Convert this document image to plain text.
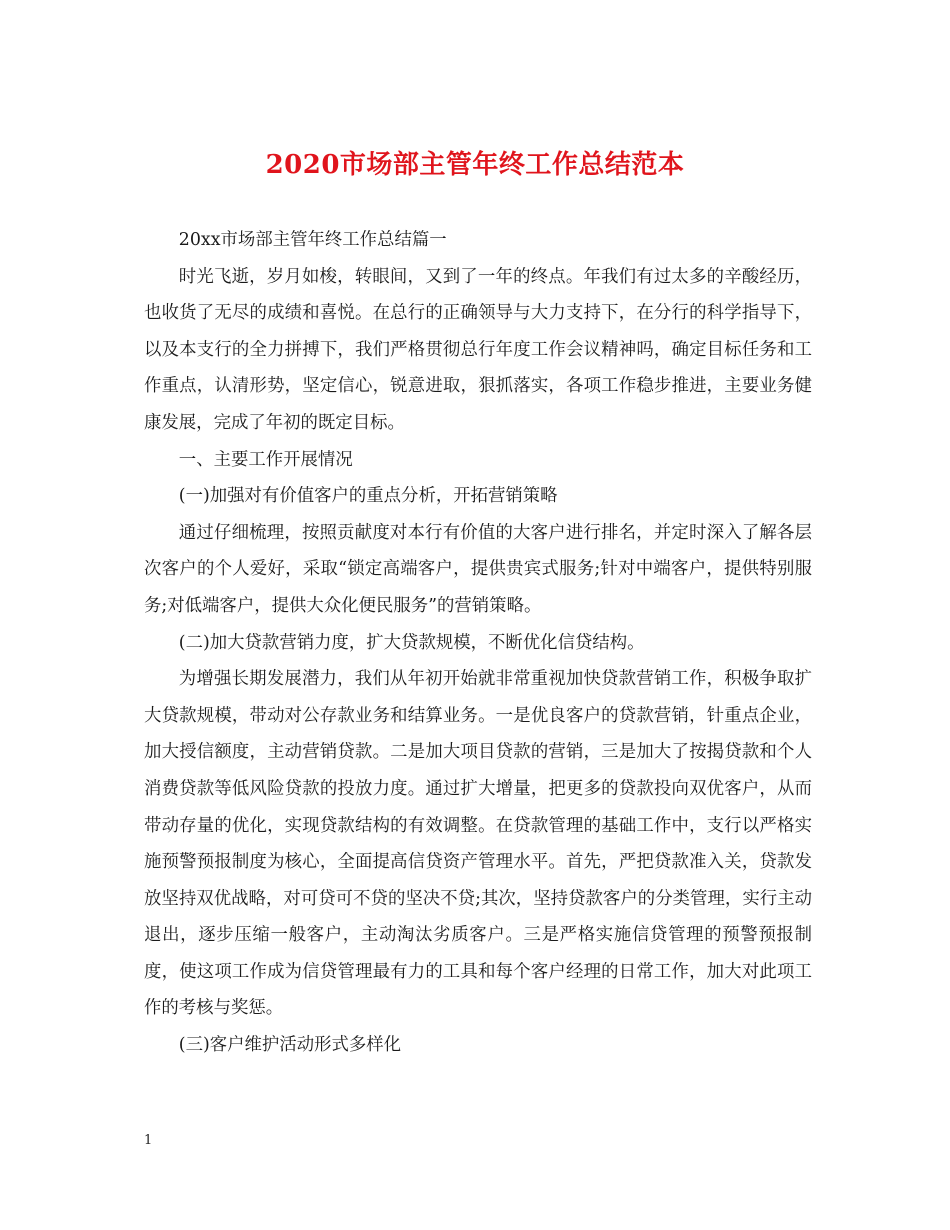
2020市场部主管年终工作总结范本

20xx市场部主管年终工作总结篇一

时光飞逝，岁月如梭，转眼间，又到了一年的终点。年我们有过太多的辛酸经历，也收货了无尽的成绩和喜悦。在总行的正确领导与大力支持下，在分行的科学指导下，以及本支行的全力拼搏下，我们严格贯彻总行年度工作会议精神吗，确定目标任务和工作重点，认清形势，坚定信心，锐意进取，狠抓落实，各项工作稳步推进，主要业务健康发展，完成了年初的既定目标。

一、主要工作开展情况

(一)加强对有价值客户的重点分析，开拓营销策略

通过仔细梳理，按照贡献度对本行有价值的大客户进行排名，并定时深入了解各层次客户的个人爱好，采取“锁定高端客户，提供贵宾式服务;针对中端客户，提供特别服务;对低端客户，提供大众化便民服务”的营销策略。

(二)加大贷款营销力度，扩大贷款规模，不断优化信贷结构。

为增强长期发展潜力，我们从年初开始就非常重视加快贷款营销工作，积极争取扩大贷款规模，带动对公存款业务和结算业务。一是优良客户的贷款营销，针重点企业，加大授信额度，主动营销贷款。二是加大项目贷款的营销，三是加大了按揭贷款和个人消费贷款等低风险贷款的投放力度。通过扩大增量，把更多的贷款投向双优客户，从而带动存量的优化，实现贷款结构的有效调整。在贷款管理的基础工作中，支行以严格实施预警预报制度为核心，全面提高信贷资产管理水平。首先，严把贷款准入关，贷款发放坚持双优战略，对可贷可不贷的坚决不贷;其次，坚持贷款客户的分类管理，实行主动退出，逐步压缩一般客户，主动淘汰劣质客户。三是严格实施信贷管理的预警预报制度，使这项工作成为信贷管理最有力的工具和每个客户经理的日常工作，加大对此项工作的考核与奖惩。

(三)客户维护活动形式多样化

1
